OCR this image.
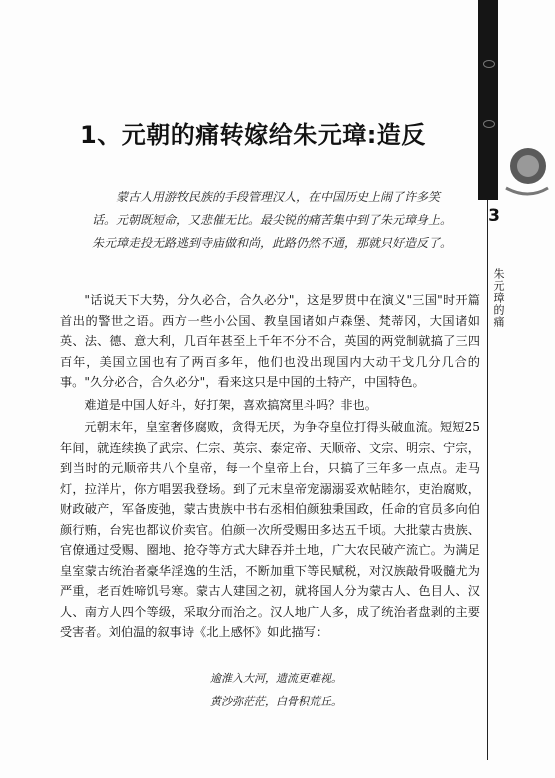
3
朱元璋的痛
1、元朝的痛转嫁给朱元璋:造反

蒙古人用游牧民族的手段管理汉人，在中国历史上闹了许多笑话。元朝既短命，又悲催无比。最尖锐的痛苦集中到了朱元璋身上。朱元璋走投无路逃到寺庙做和尚，此路仍然不通，那就只好造反了。

"话说天下大势，分久必合，合久必分"，这是罗贯中在演义"三国"时开篇首出的警世之语。西方一些小公国、教皇国诸如卢森堡、梵蒂冈，大国诸如英、法、德、意大利，几百年甚至上千年不分不合，英国的两党制就搞了三四百年，美国立国也有了两百多年，他们也没出现国内大动干戈几分几合的事。"久分必合，合久必分"，看来这只是中国的土特产，中国特色。

难道是中国人好斗，好打架，喜欢搞窝里斗吗？非也。

元朝末年，皇室奢侈腐败，贪得无厌，为争夺皇位打得头破血流。短短25年间，就连续换了武宗、仁宗、英宗、泰定帝、天顺帝、文宗、明宗、宁宗，到当时的元顺帝共八个皇帝，每一个皇帝上台，只搞了三年多一点点。走马灯，拉洋片，你方唱罢我登场。到了元末皇帝宠溺溺妥欢帖睦尔，吏治腐败，财政破产，军备废弛，蒙古贵族中书右丞相伯颜独秉国政，任命的官员多向伯颜行贿，台宪也都议价卖官。伯颜一次所受赐田多达五千顷。大批蒙古贵族、官僚通过受赐、圈地、抢夺等方式大肆吞并土地，广大农民破产流亡。为满足皇室蒙古统治者豪华淫逸的生活，不断加重下等民赋税，对汉族敲骨吸髓尤为严重，老百姓啼饥号寒。蒙古人建国之初，就将国人分为蒙古人、色目人、汉人、南方人四个等级，采取分而治之。汉人地广人多，成了统治者盘剥的主要受害者。刘伯温的叙事诗《北上感怀》如此描写：

逾淮入大河，遗流更难视。
黄沙弥茫茫，白骨积荒丘。
